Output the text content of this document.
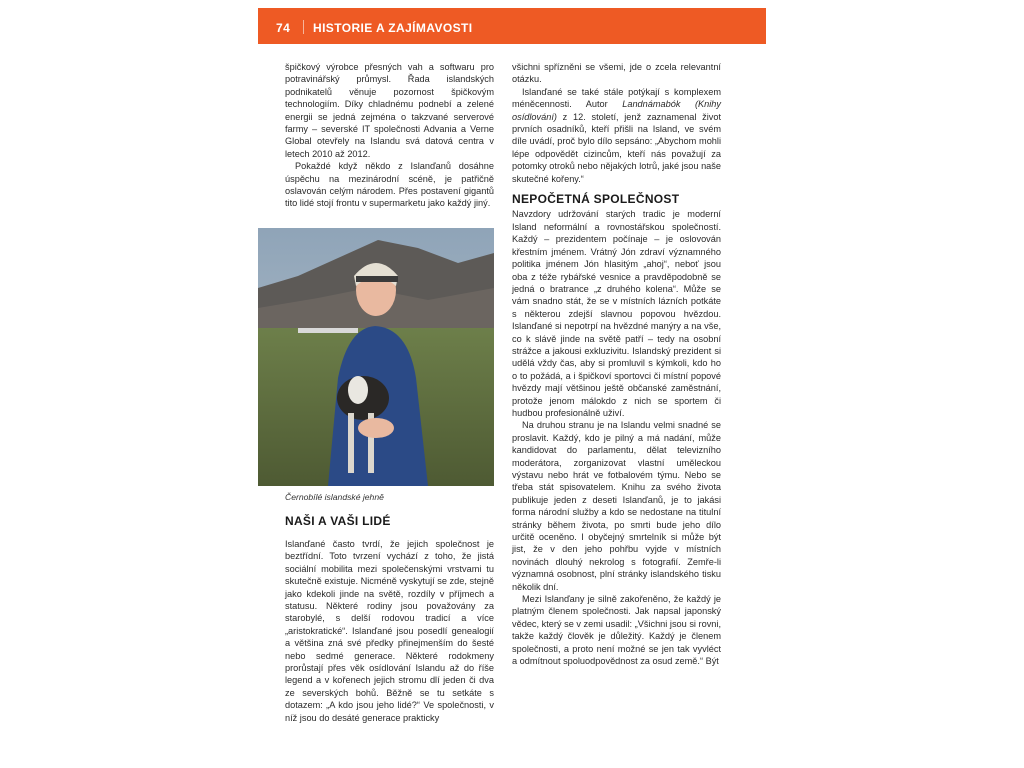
74 HISTORIE A ZAJÍMAVOSTI

špičkový výrobce přesných vah a softwaru pro potravinářský průmysl. Řada islandských podnikatelů věnuje pozornost špičkovým technologiím. Díky chladnému podnebí a zelené energii se jedná zejména o takzvané serverové farmy – severské IT společnosti Advania a Verne Global otevřely na Islandu svá datová centra v letech 2010 až 2012.

Pokaždé když někdo z Islanďanů dosáhne úspěchu na mezinárodní scéně, je patřičně oslavován celým národem. Přes postavení gigantů tito lidé stojí frontu v supermarketu jako každý jiný.

Černobílé islandské jehně
NAŠI A VAŠI LIDÉ

Islanďané často tvrdí, že jejich společnost je beztřídní. Toto tvrzení vychází z toho, že jistá sociální mobilita mezi společenskými vrstvami tu skutečně existuje. Nicméně vyskytují se zde, stejně jako kdekoli jinde na světě, rozdíly v příjmech a statusu. Některé rodiny jsou považovány za starobylé, s delší rodovou tradicí a více „aristokratické“. Islanďané jsou posedlí genealogií a většina zná své předky přinejmenším do šesté nebo sedmé generace. Některé rodokmeny prorůstají přes věk osídlování Islandu až do říše legend a v kořenech jejich stromu dlí jeden či dva ze severských bohů. Běžně se tu setkáte s dotazem: „A kdo jsou jeho lidé?“ Ve společnosti, v níž jsou do desáté generace prakticky

všichni spřízněni se všemi, jde o zcela relevantní otázku.

Islanďané se také stále potýkají s komplexem méněcennosti. Autor Landnámabók (Knihy osídlování) z 12. století, jenž zaznamenal život prvních osadníků, kteří přišli na Island, ve svém díle uvádí, proč bylo dílo sepsáno: „Abychom mohli lépe odpovědět cizincům, kteří nás považují za potomky otroků nebo nějakých lotrů, jaké jsou naše skutečné kořeny.“

NEPOČETNÁ SPOLEČNOST

Navzdory udržování starých tradic je moderní Island neformální a rovnostářskou společností. Každý – prezidentem počínaje – je oslovován křestním jménem. Vrátný Jón zdraví významného politika jménem Jón hlasitým „ahoj“, neboť jsou oba z téže rybářské vesnice a pravděpodobně se jedná o bratrance „z druhého kolena“. Může se vám snadno stát, že se v místních lázních potkáte s některou zdejší slavnou popovou hvězdou. Islanďané si nepotrpí na hvězdné manýry a na vše, co k slávě jinde na světě patří – tedy na osobní strážce a jakousi exkluzivitu. Islandský prezident si udělá vždy čas, aby si promluvil s kýmkoli, kdo ho o to požádá, a i špičkoví sportovci či místní popové hvězdy mají většinou ještě občanské zaměstnání, protože jenom málokdo z nich se sportem či hudbou profesionálně uživí.

Na druhou stranu je na Islandu velmi snadné se proslavit. Každý, kdo je pilný a má nadání, může kandidovat do parlamentu, dělat televizního moderátora, zorganizovat vlastní uměleckou výstavu nebo hrát ve fotbalovém týmu. Nebo se třeba stát spisovatelem. Knihu za svého života publikuje jeden z deseti Islanďanů, je to jakási forma národní služby a kdo se nedostane na titulní stránky během života, po smrti bude jeho dílo určitě oceněno. I obyčejný smrtelník si může být jist, že v den jeho pohřbu vyjde v místních novinách dlouhý nekrolog s fotografií. Zemře-li významná osobnost, plní stránky islandského tisku několik dní.

Mezi Islanďany je silně zakořeněno, že každý je platným členem společnosti. Jak napsal japonský vědec, který se v zemi usadil: „Všichni jsou si rovni, takže každý člověk je důležitý. Každý je členem společnosti, a proto není možné se jen tak vyvléct a odmítnout spoluodpovědnost za osud země.“ Být
